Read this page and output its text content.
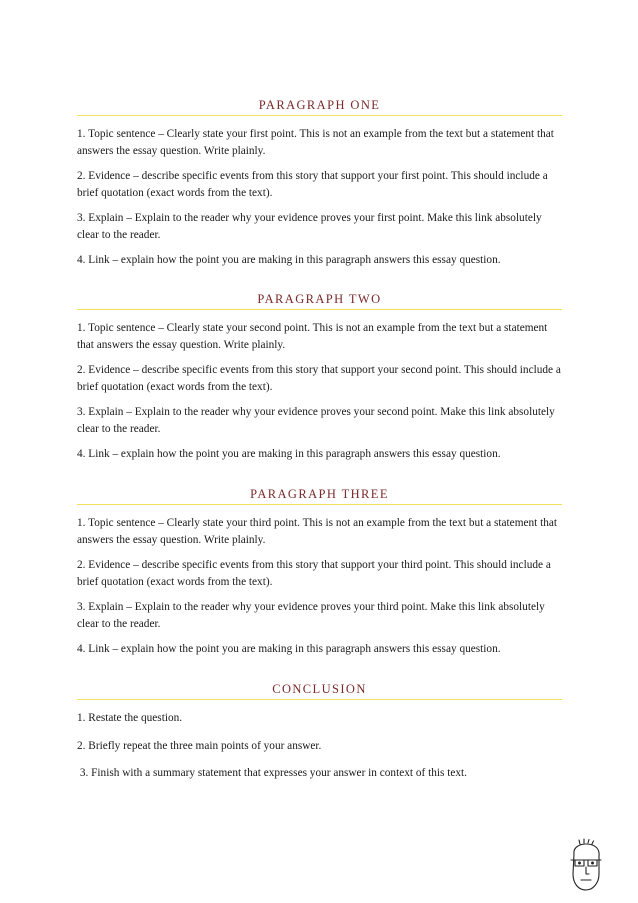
PARAGRAPH ONE

1. Topic sentence – Clearly state your first point. This is not an example from the text but a statement that answers the essay question. Write plainly.

2. Evidence – describe specific events from this story that support your first point. This should include a brief quotation (exact words from the text).

3. Explain – Explain to the reader why your evidence proves your first point. Make this link absolutely clear to the reader.

4. Link – explain how the point you are making in this paragraph answers this essay question.

PARAGRAPH TWO

1. Topic sentence – Clearly state your second point. This is not an example from the text but a statement that answers the essay question. Write plainly.

2. Evidence – describe specific events from this story that support your second point. This should include a brief quotation (exact words from the text).

3. Explain – Explain to the reader why your evidence proves your second point. Make this link absolutely clear to the reader.

4. Link – explain how the point you are making in this paragraph answers this essay question.

PARAGRAPH THREE

1. Topic sentence – Clearly state your third point. This is not an example from the text but a statement that answers the essay question. Write plainly.

2. Evidence – describe specific events from this story that support your third point. This should include a brief quotation (exact words from the text).

3. Explain – Explain to the reader why your evidence proves your third point. Make this link absolutely clear to the reader.

4. Link – explain how the point you are making in this paragraph answers this essay question.

CONCLUSION

1. Restate the question.

2. Briefly repeat the three main points of your answer.

3. Finish with a summary statement that expresses your answer in context of this text.
